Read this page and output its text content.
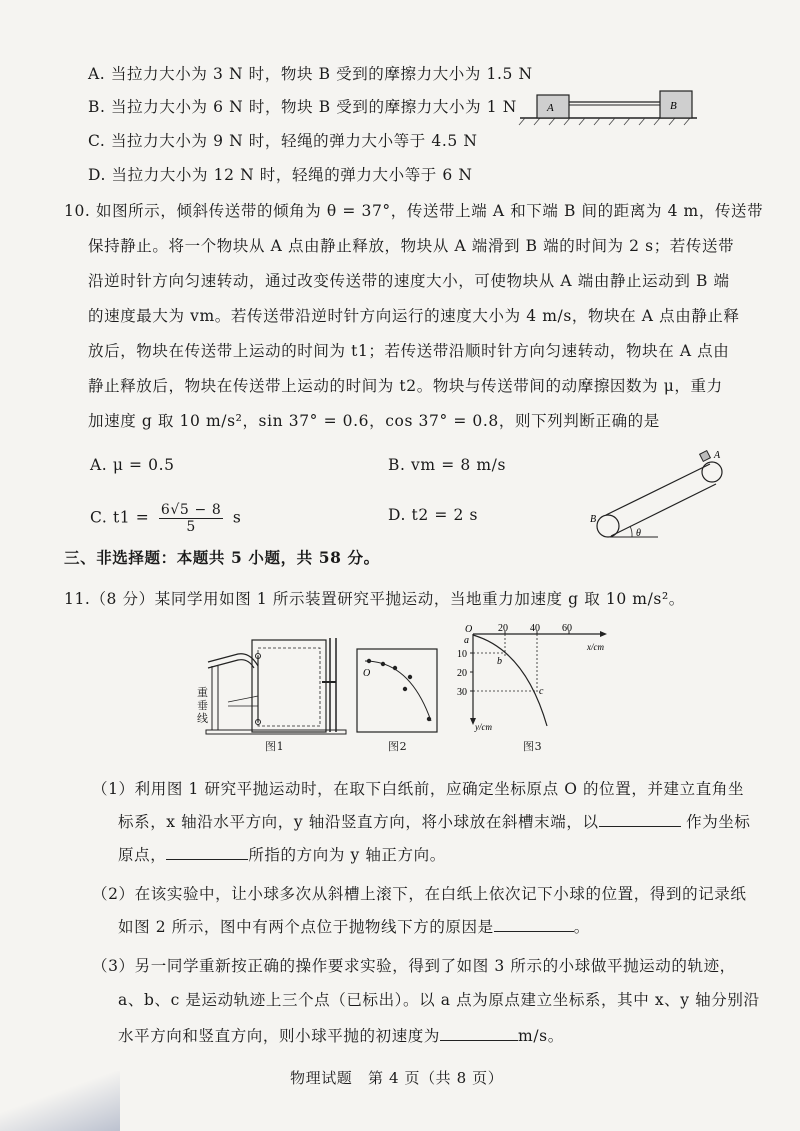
A. 当拉力大小为 3 N 时，物块 B 受到的摩擦力大小为 1.5 N
B. 当拉力大小为 6 N 时，物块 B 受到的摩擦力大小为 1 N
C. 当拉力大小为 9 N 时，轻绳的弹力大小等于 4.5 N
D. 当拉力大小为 12 N 时，轻绳的弹力大小等于 6 N
A	B
10. 如图所示，倾斜传送带的倾角为 θ = 37°，传送带上端 A 和下端 B 间的距离为 4 m，传送带
保持静止。将一个物块从 A 点由静止释放，物块从 A 端滑到 B 端的时间为 2 s；若传送带
沿逆时针方向匀速转动，通过改变传送带的速度大小，可使物块从 A 端由静止运动到 B 端
的速度最大为 vm。若传送带沿逆时针方向运行的速度大小为 4 m/s，物块在 A 点由静止释
放后，物块在传送带上运动的时间为 t1；若传送带沿顺时针方向匀速转动，物块在 A 点由
静止释放后，物块在传送带上运动的时间为 t2。物块与传送带间的动摩擦因数为 μ，重力
加速度 g 取 10 m/s²，sin 37° = 0.6，cos 37° = 0.8，则下列判断正确的是
A. μ = 0.5	B. vm = 8 m/s
C. $t1 = \frac{6√5 - 8}{5}$ s	D. t2 = 2 s
A
B
θ
三、非选择题：本题共 5 小题，共 58 分。
11.（8 分）某同学用如图 1 所示装置研究平抛运动，当地重力加速度 g 取 10 m/s²。
重垂线
图1
O
图2
O	20 40 60
x/cm
10
20
30
y/cm
a
b
c
图3
（1）利用图 1 研究平抛运动时，在取下白纸前，应确定坐标原点 O 的位置，并建立直角坐
标系，x 轴沿水平方向，y 轴沿竖直方向，将小球放在斜槽末端，以	作为坐标
原点，	所指的方向为 y 轴正方向。
（2）在该实验中，让小球多次从斜槽上滚下，在白纸上依次记下小球的位置，得到的记录纸
如图 2 所示，图中有两个点位于抛物线下方的原因是	。
（3）另一同学重新按正确的操作要求实验，得到了如图 3 所示的小球做平抛运动的轨迹，
a、b、c 是运动轨迹上三个点（已标出）。以 a 点为原点建立坐标系，其中 x、y 轴分别沿
水平方向和竖直方向，则小球平抛的初速度为	m/s。
物理试题　第 4 页（共 8 页）
